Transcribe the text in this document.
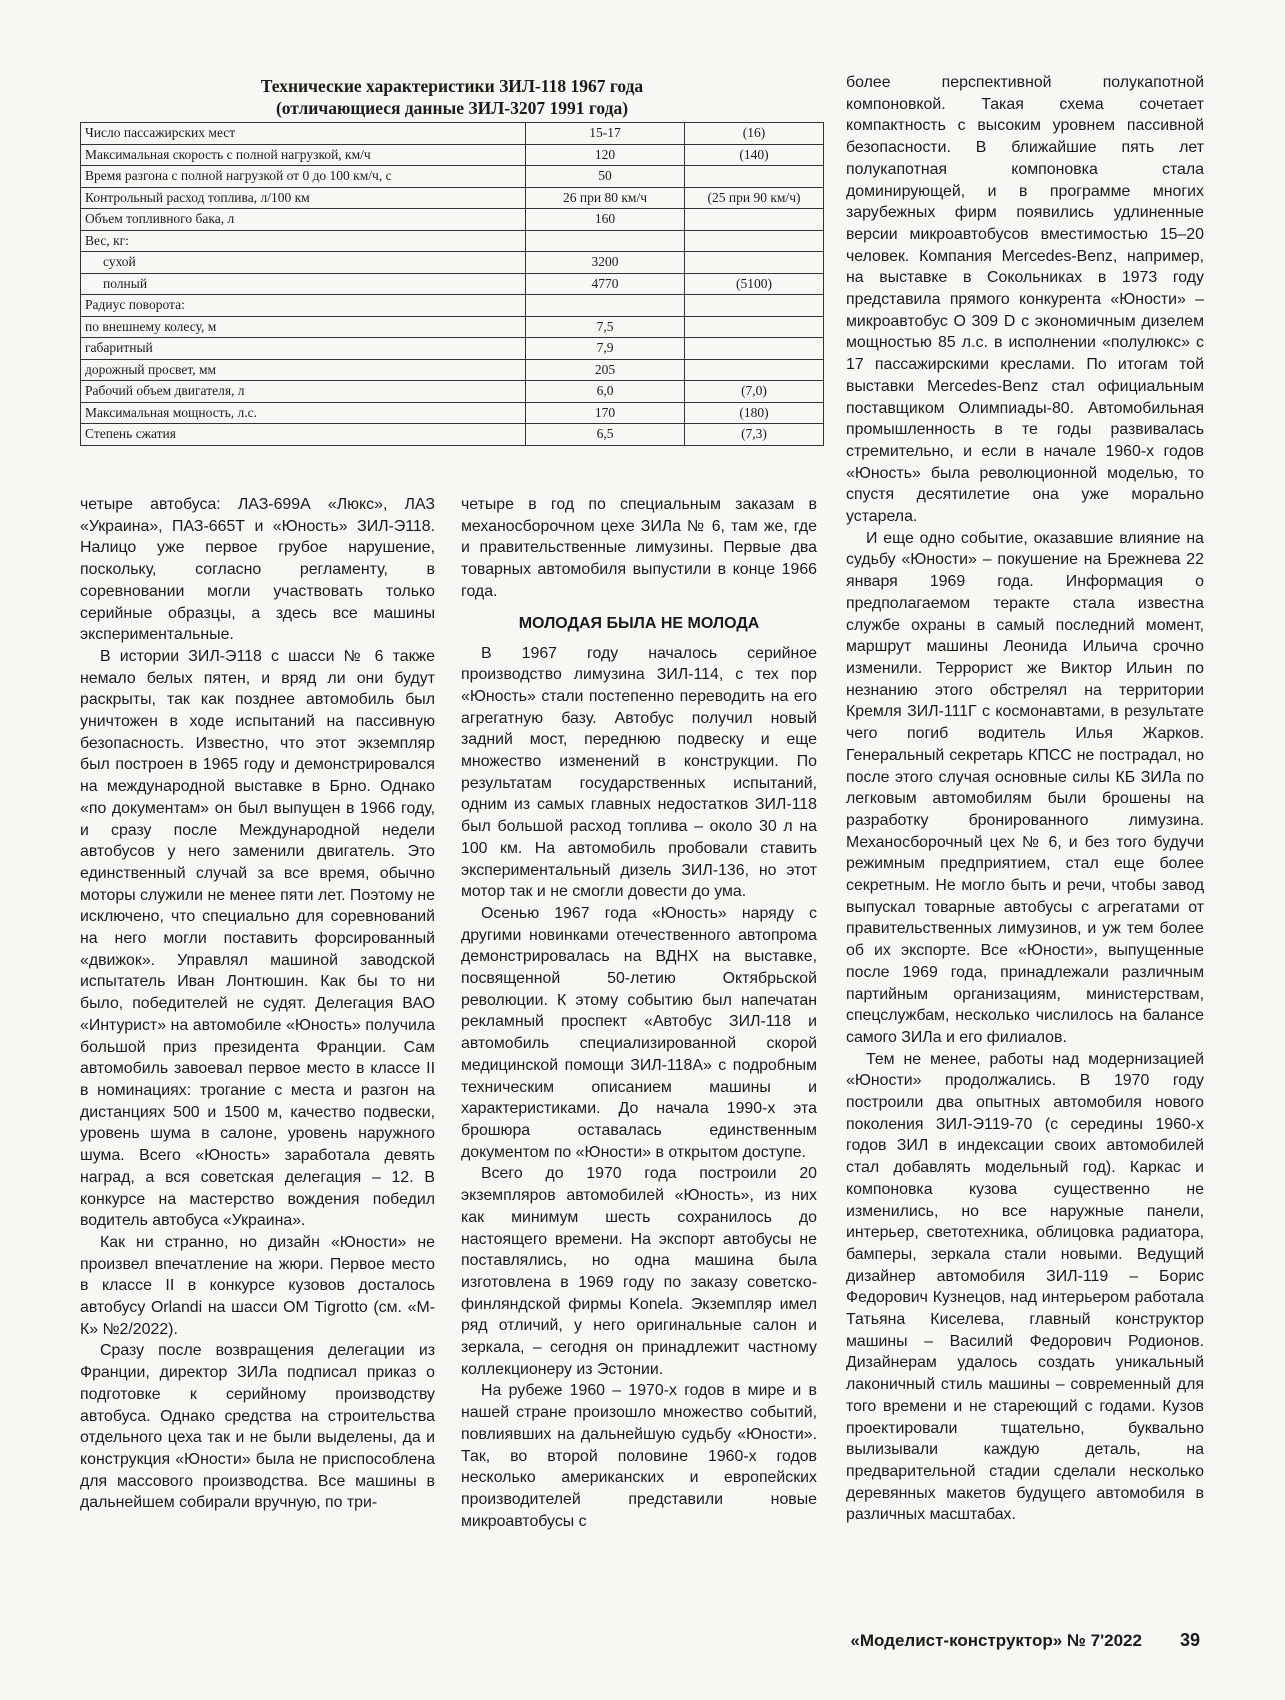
Технические характеристики ЗИЛ-118 1967 года
(отличающиеся данные ЗИЛ-3207 1991 года)
Число пассажирских мест	15-17	(16)
Максимальная скорость с полной нагрузкой, км/ч	120	(140)
Время разгона с полной нагрузкой от 0 до 100 км/ч, с	50	
Контрольный расход топлива, л/100 км	26 при 80 км/ч	(25 при 90 км/ч)
Объем топливного бака, л	160	
Вес, кг:		
сухой	3200	
полный	4770	(5100)
Радиус поворота:		
по внешнему колесу, м	7,5	
габаритный	7,9	
дорожный просвет, мм	205	
Рабочий объем двигателя, л	6,0	(7,0)
Максимальная мощность, л.с.	170	(180)
Степень сжатия	6,5	(7,3)

четыре автобуса: ЛАЗ-699А «Люкс», ЛАЗ «Украина», ПАЗ-665Т и «Юность» ЗИЛ-Э118. Налицо уже первое грубое нарушение, поскольку, согласно регламенту, в соревновании могли участвовать только серийные образцы, а здесь все машины экспериментальные.

В истории ЗИЛ-Э118 с шасси № 6 также немало белых пятен, и вряд ли они будут раскрыты, так как позднее автомобиль был уничтожен в ходе испытаний на пассивную безопасность. Известно, что этот экземпляр был построен в 1965 году и демонстрировался на международной выставке в Брно. Однако «по документам» он был выпущен в 1966 году, и сразу после Международной недели автобусов у него заменили двигатель. Это единственный случай за все время, обычно моторы служили не менее пяти лет. Поэтому не исключено, что специально для соревнований на него могли поставить форсированный «движок». Управлял машиной заводской испытатель Иван Лонтюшин. Как бы то ни было, победителей не судят. Делегация ВАО «Интурист» на автомобиле «Юность» получила большой приз президента Франции. Сам автомобиль завоевал первое место в классе II в номинациях: трогание с места и разгон на дистанциях 500 и 1500 м, качество подвески, уровень шума в салоне, уровень наружного шума. Всего «Юность» заработала девять наград, а вся советская делегация – 12. В конкурсе на мастерство вождения победил водитель автобуса «Украина».

Как ни странно, но дизайн «Юности» не произвел впечатление на жюри. Первое место в классе II в конкурсе кузовов досталось автобусу Orlandi на шасси ОМ Tigrotto (см. «М-К» №2/2022).

Сразу после возвращения делегации из Франции, директор ЗИЛа подписал приказ о подготовке к серийному производству автобуса. Однако средства на строительства отдельного цеха так и не были выделены, да и конструкция «Юности» была не приспособлена для массового производства. Все машины в дальнейшем собирали вручную, по три-

четыре в год по специальным заказам в механосборочном цехе ЗИЛа № 6, там же, где и правительственные лимузины. Первые два товарных автомобиля выпустили в конце 1966 года.

МОЛОДАЯ БЫЛА НЕ МОЛОДА

В 1967 году началось серийное производство лимузина ЗИЛ-114, с тех пор «Юность» стали постепенно переводить на его агрегатную базу. Автобус получил новый задний мост, переднюю подвеску и еще множество изменений в конструкции. По результатам государственных испытаний, одним из самых главных недостатков ЗИЛ-118 был большой расход топлива – около 30 л на 100 км. На автомобиль пробовали ставить экспериментальный дизель ЗИЛ-136, но этот мотор так и не смогли довести до ума.

Осенью 1967 года «Юность» наряду с другими новинками отечественного автопрома демонстрировалась на ВДНХ на выставке, посвященной 50-летию Октябрьской революции. К этому событию был напечатан рекламный проспект «Автобус ЗИЛ-118 и автомобиль специализированной скорой медицинской помощи ЗИЛ-118А» с подробным техническим описанием машины и характеристиками. До начала 1990-х эта брошюра оставалась единственным документом по «Юности» в открытом доступе.

Всего до 1970 года построили 20 экземпляров автомобилей «Юность», из них как минимум шесть сохранилось до настоящего времени. На экспорт автобусы не поставлялись, но одна машина была изготовлена в 1969 году по заказу советско-финляндской фирмы Konela. Экземпляр имел ряд отличий, у него оригинальные салон и зеркала, – сегодня он принадлежит частному коллекционеру из Эстонии.

На рубеже 1960 – 1970-х годов в мире и в нашей стране произошло множество событий, повлиявших на дальнейшую судьбу «Юности». Так, во второй половине 1960-х годов несколько американских и европейских производителей представили новые микроавтобусы с

более перспективной полукапотной компоновкой. Такая схема сочетает компактность с высоким уровнем пассивной безопасности. В ближайшие пять лет полукапотная компоновка стала доминирующей, и в программе многих зарубежных фирм появились удлиненные версии микроавтобусов вместимостью 15–20 человек. Компания Mercedes-Benz, например, на выставке в Сокольниках в 1973 году представила прямого конкурента «Юности» – микроавтобус О 309 D с экономичным дизелем мощностью 85 л.с. в исполнении «полулюкс» с 17 пассажирскими креслами. По итогам той выставки Mercedes-Benz стал официальным поставщиком Олимпиады-80. Автомобильная промышленность в те годы развивалась стремительно, и если в начале 1960-х годов «Юность» была революционной моделью, то спустя десятилетие она уже морально устарела.

И еще одно событие, оказавшие влияние на судьбу «Юности» – покушение на Брежнева 22 января 1969 года. Информация о предполагаемом теракте стала известна службе охраны в самый последний момент, маршрут машины Леонида Ильича срочно изменили. Террорист же Виктор Ильин по незнанию этого обстрелял на территории Кремля ЗИЛ-111Г с космонавтами, в результате чего погиб водитель Илья Жарков. Генеральный секретарь КПСС не пострадал, но после этого случая основные силы КБ ЗИЛа по легковым автомобилям были брошены на разработку бронированного лимузина. Механосборочный цех № 6, и без того будучи режимным предприятием, стал еще более секретным. Не могло быть и речи, чтобы завод выпускал товарные автобусы с агрегатами от правительственных лимузинов, и уж тем более об их экспорте. Все «Юности», выпущенные после 1969 года, принадлежали различным партийным организациям, министерствам, спецслужбам, несколько числилось на балансе самого ЗИЛа и его филиалов.

Тем не менее, работы над модернизацией «Юности» продолжались. В 1970 году построили два опытных автомобиля нового поколения ЗИЛ-Э119-70 (с середины 1960-х годов ЗИЛ в индексации своих автомобилей стал добавлять модельный год). Каркас и компоновка кузова существенно не изменились, но все наружные панели, интерьер, светотехника, облицовка радиатора, бамперы, зеркала стали новыми. Ведущий дизайнер автомобиля ЗИЛ-119 – Борис Федорович Кузнецов, над интерьером работала Татьяна Киселева, главный конструктор машины – Василий Федорович Родионов. Дизайнерам удалось создать уникальный лаконичный стиль машины – современный для того времени и не стареющий с годами. Кузов проектировали тщательно, буквально вылизывали каждую деталь, на предварительной стадии сделали несколько деревянных макетов будущего автомобиля в различных масштабах.

«Моделист-конструктор» № 7'2022 39
